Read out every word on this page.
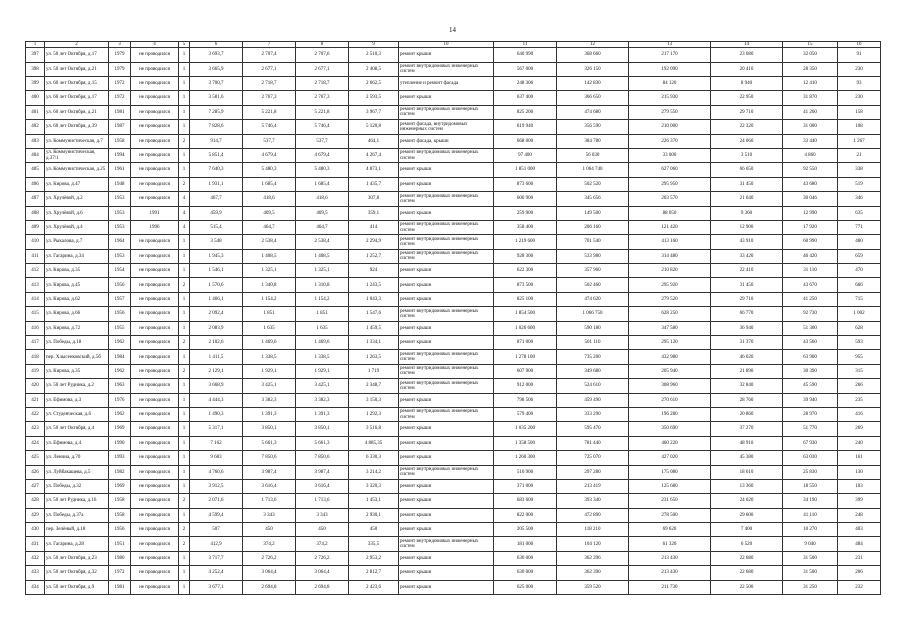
14
1	2	3	4	5	6	7	8	9	10	11	12	13	14	15	16
397	ул. 50 лет Октября, д.17	1979	не проводился	1	3 693,7	2 707,4	2 707,6	2 510,3	ремонт крыши	640 990	368 660	217 170	23 080	32 050	91
398	ул. 50 лет Октября, д.21	1979	не проводился	1	3 665,9	2 677,1	2 677,1	2 408,5	ремонт внутридомовых инженерных систем	567 000	326 150	192 090	20 410	28 350	230
399	ул. 60 лет Октября, д.15	1972	не проводился	1	3 700,7	2 718,7	2 718,7	2 662,5	утепление и ремонт фасада	248 306	142 830	84 120	8 940	12 410	93
400	ул. 60 лет Октября, д.17	1972	не проводился	1	3 581,6	2 767,3	2 767,3	2 593,5	ремонт крыши	637 400	366 650	215 930	22 950	31 870	230
401	ул. 60 лет Октября, д.21	1981	не проводился	1	7 285,9	5 221,8	5 221,8	3 967,7	ремонт внутридомовых инженерных систем	825 200	474 680	279 550	29 710	41 260	158
402	ул. 60 лет Октября, д.39	1987	не проводился	1	7 828,6	5 746,4	5 746,4	5 120,8	ремонт фасада, внутридомовых инженерных систем	619 940	356 590	210 000	22 320	31 000	108
403	ул. Коммунистическая, д.7	1958	не проводился	2	914,7	537,7	537,7	464,1	ремонт фасада, крыши	668 000	384 780	226 370	24 060	33 440	1 267
404	ул. Коммунистическая, д.37/1	1994	не проводился	1	5 851,4	4 679,4	4 679,4	4 267,4	ремонт внутридомовых инженерных систем	97 400	56 030	33 000	3 510	4 860	21
405	ул. Коммунистическая, д.25	1961	не проводился	1	7 640,3	5 480,3	5 480,3	4 873,1	ремонт крыши	1 851 000	1 064 740	627 060	66 650	92 550	338
406	ул. Кирова, д.47	1948	не проводился	2	1 931,1	1 685,4	1 685,4	1 435,7	ремонт крыши	873 600	502 520	295 950	31 450	43 680	519
407	ул. Хрулёвой, д.2	1953	не проводился	4	467,7	418,6	418,6	307,8	ремонт внутридомовых инженерных систем	600 900	345 656	203 570	21 640	30 046	346
408	ул. Хрулёвой, д.6	1953	1991	4	459,9	409,5	409,5	359,1	ремонт крыши	259 900	149 500	88 050	9 360	12 990	635
409	ул. Хрулёвой, д.4	1953	1996	4	515,4	464,7	464,7	414	ремонт внутридомовых инженерных систем	358 400	206 160	121 420	12 900	17 920	771
410	ул. Рыкалова, д.7	1964	не проводился	1	3 548	2 538,4	2 538,4	2 294,9	ремонт внутридомовых инженерных систем	1 219 600	701 540	413 160	43 910	60 990	480
411	ул. Гагарина, д.34	1953	не проводился	1	1 945,3	1 408,5	1 408,5	1 252,7	ремонт внутридомовых инженерных систем	928 300	533 980	314 480	33 420	46 420	659
412	ул. Кирова, д.35	1954	не проводился	1	1 546,1	1 325,1	1 325,1	924	ремонт крыши	622 300	357 960	210 820	22 410	31 110	470
413	ул. Кирова, д.45	1956	не проводился	2	1 570,6	1 340,8	1 310,8	1 243,5	ремонт крыши	873 500	502 460	295 920	31 450	43 670	666
414	ул. Кирова, д.62	1957	не проводился	1	1 466,1	1 154,2	1 154,2	1 043,3	ремонт крыши	825 100	474 620	279 520	29 710	41 250	715
415	ул. Кирова, д.66	1956	не проводился	1	2 092,4	1 851	1 851	1 547,6	ремонт внутридомовых инженерных систем	1 854 500	1 066 750	628 250	66 770	92 730	1 002
416	ул. Кирова, д.72	1955	не проводился	1	2 083,9	1 635	1 635	1 459,5	ремонт крыши	1 026 600	590 180	347 580	36 940	51 300	628
417	ул. Победы, д.18	1962	не проводился	2	2 102,6	1 469,6	1 469,6	1 334,1	ремонт крыши	871 000	501 110	295 120	31 370	43 560	593
418	пер. Хлысенковский, д.5б	1984	не проводился	1	1 411,5	1 338,5	1 338,5	1 263,5	ремонт внутридомовых инженерных систем	1 278 100	735 200	432 980	46 020	63 900	955
419	ул. Кирова, д.35	1962	не проводился	2	2 129,1	1 929,1	1 929,1	1 719	ремонт внутридомовых инженерных систем	607 900	349 680	205 940	21 890	30 390	315
420	ул. 50 лет Рудника, д.2	1963	не проводился	1	3 668,9	3 425,1	3 425,1	2 348,7	ремонт внутридомовых инженерных систем	912 000	524 610	308 960	32 840	45 590	266
421	ул. Ефимова, д.3	1976	не проводился	1	4 444,3	3 382,3	3 382,3	3 150,3	ремонт крыши	798 506	459 490	270 610	28 760	39 940	235
422	ул. Студенческая, д.6	1962	не проводился	1	1 490,3	1 391,3	1 391,3	1 292,3	ремонт внутридомовых инженерных систем	579 400	333 290	196 280	20 860	28 970	416
423	ул. 50 лет Октября, д.4	1969	не проводился	1	5 317,1	3 850,1	3 850,1	3 516,8	ремонт крыши	1 035 200	595 470	350 690	37 270	51 770	269
424	ул. Ефимова, д.4	1990	не проводился	1	7 162	5 661,3	5 661,3	4 885,35	ремонт крыши	1 358 500	781 440	460 220	48 910	67 930	240
425	ул. Ленина, д.70	1993	не проводился	1	9 683	7 850,6	7 850,6	6 330,3	ремонт крыши	1 260 300	725 070	427 020	45 380	63 030	161
426	ул. Луйбакашева, д.5	1982	не проводился	1	4 760,6	3 987,4	3 987,4	3 214,2	ремонт внутридомовых инженерных систем	516 900	297 280	175 080	18 610	25 830	130
427	ул. Победы, д.32	1969	не проводился	1	3 912,5	3 616,4	3 616,4	3 320,3	ремонт крыши	371 000	213 419	125 680	13 360	18 550	103
428	ул. 50 лет Рудника, д.16	1958	не проводился	2	2 071,6	1 713,6	1 713,6	1 453,1	ремонт крыши	683 600	393 340	231 650	24 620	34 190	399
429	ул. Победы, д.37а	1958	не проводился	1	4 599,4	3 343	3 343	2 930,1	ремонт крыши	822 000	472 890	278 500	29 600	41 110	248
430	пер. Зелёный, д.18	1956	не проводился	2	507	450	450	450	ремонт крыши	205 500	118 210	69 620	7 400	10 270	403
431	ул. Гагарина, д.28	1951	не проводился	2	412,9	374,2	374,2	335,5	ремонт внутридомовых инженерных систем	181 000	104 120	61 320	6 520	9 040	484
432	ул. 50 лет Октября, д.23	1980	не проводился	1	3 717,7	2 726,2	2 726,2	2 953,2	ремонт крыши	630 000	362 396	213 430	22 680	31 500	231
433	ул. 50 лет Октября, д.32	1972	не проводился	1	4 252,4	3 064,4	3 064,4	2 812,7	ремонт крыши	630 000	362 390	213 430	22 680	31 500	206
434	ул. 50 лет Октября, д.9	1981	не проводился	1	3 677,1	2 694,8	2 694,8	2 423,6	ремонт крыши	625 000	359 520	211 730	22 500	31 250	232
